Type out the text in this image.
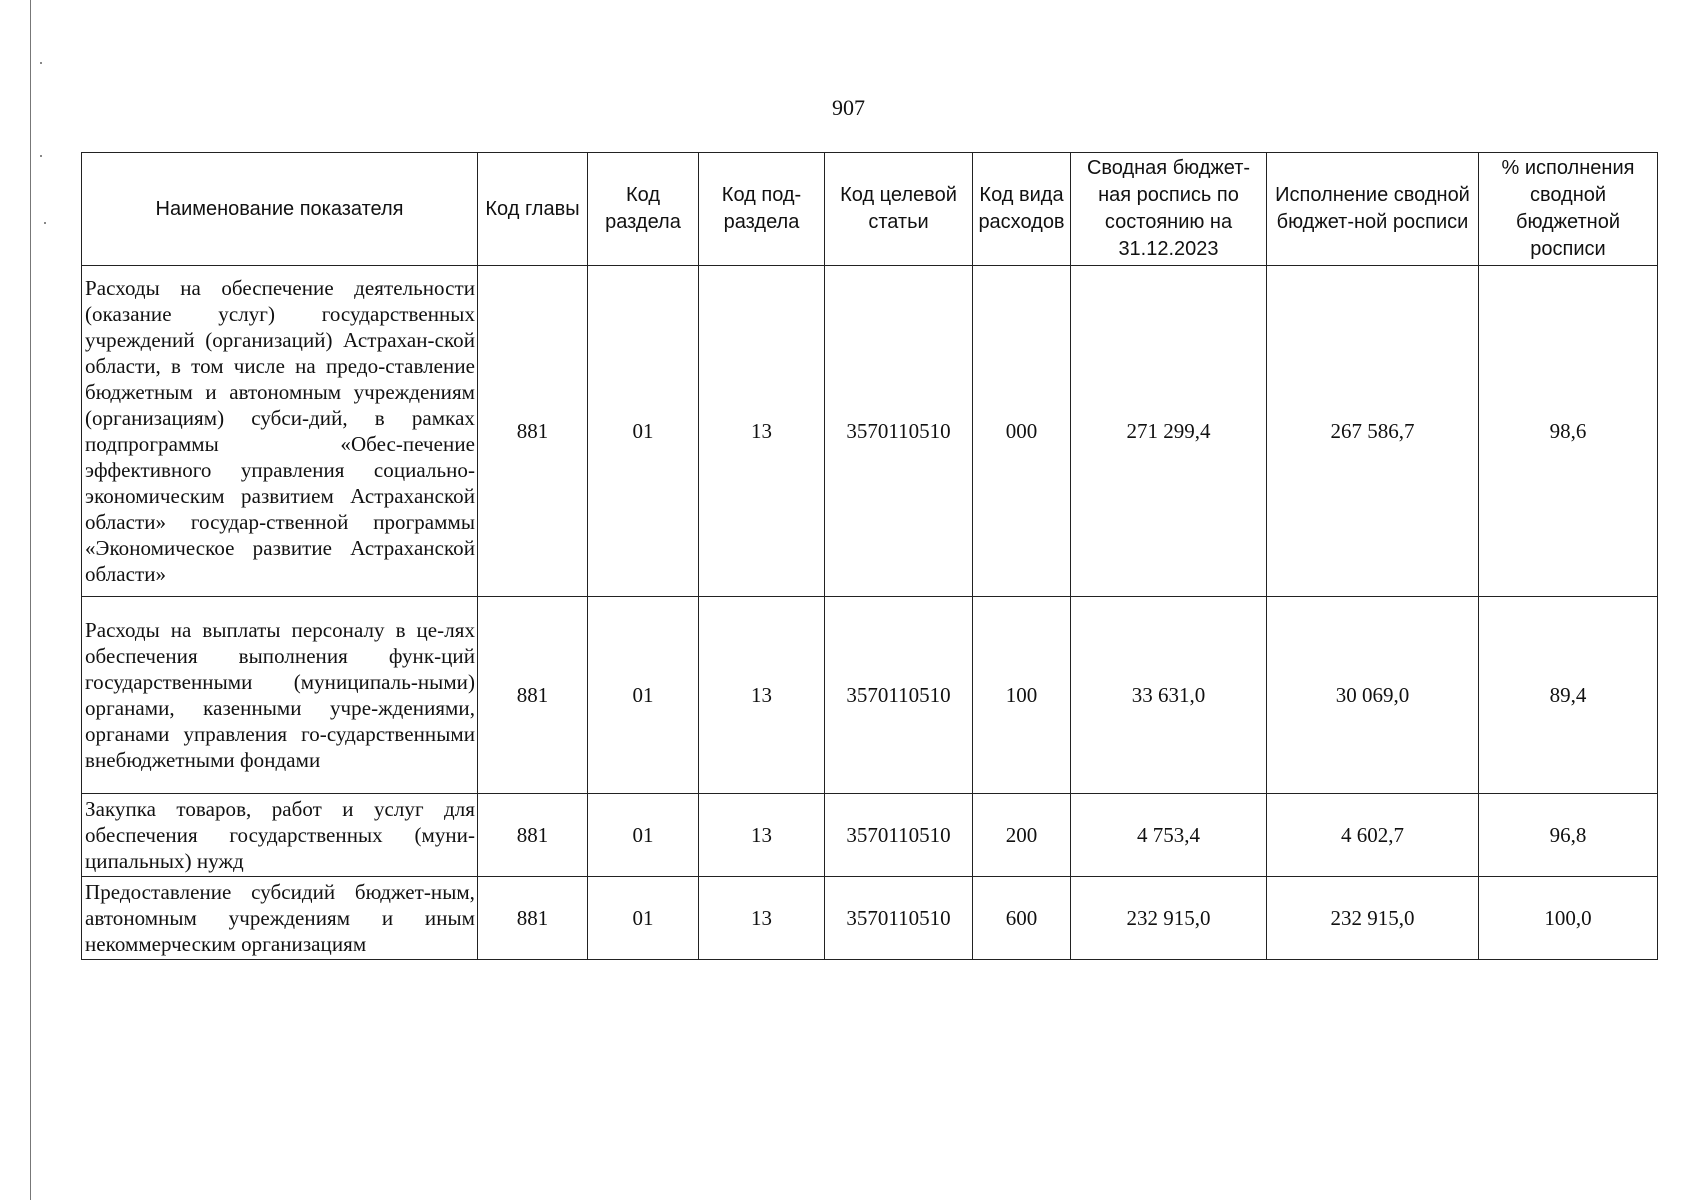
907
Наименование показателя	Код главы	Код раздела	Код под-раздела	Код целевой статьи	Код вида расходов	Сводная бюджет-ная роспись по состоянию на 31.12.2023	Исполнение сводной бюджет-ной росписи	% исполнения сводной бюджетной росписи
Расходы на обеспечение деятельности (оказание услуг) государственных учреждений (организаций) Астрахан-ской области, в том числе на предо-ставление бюджетным и автономным учреждениям (организациям) субси-дий, в рамках подпрограммы «Обес-печение эффективного управления социально-экономическим развитием Астраханской области» государ-ственной программы «Экономическое развитие Астраханской области»	881	01	13	3570110510	000	271 299,4	267 586,7	98,6
Расходы на выплаты персоналу в це-лях обеспечения выполнения функ-ций государственными (муниципаль-ными) органами, казенными учре-ждениями, органами управления го-сударственными внебюджетными фондами	881	01	13	3570110510	100	33 631,0	30 069,0	89,4
Закупка товаров, работ и услуг для обеспечения государственных (муни-ципальных) нужд	881	01	13	3570110510	200	4 753,4	4 602,7	96,8
Предоставление субсидий бюджет-ным, автономным учреждениям и иным некоммерческим организациям	881	01	13	3570110510	600	232 915,0	232 915,0	100,0
